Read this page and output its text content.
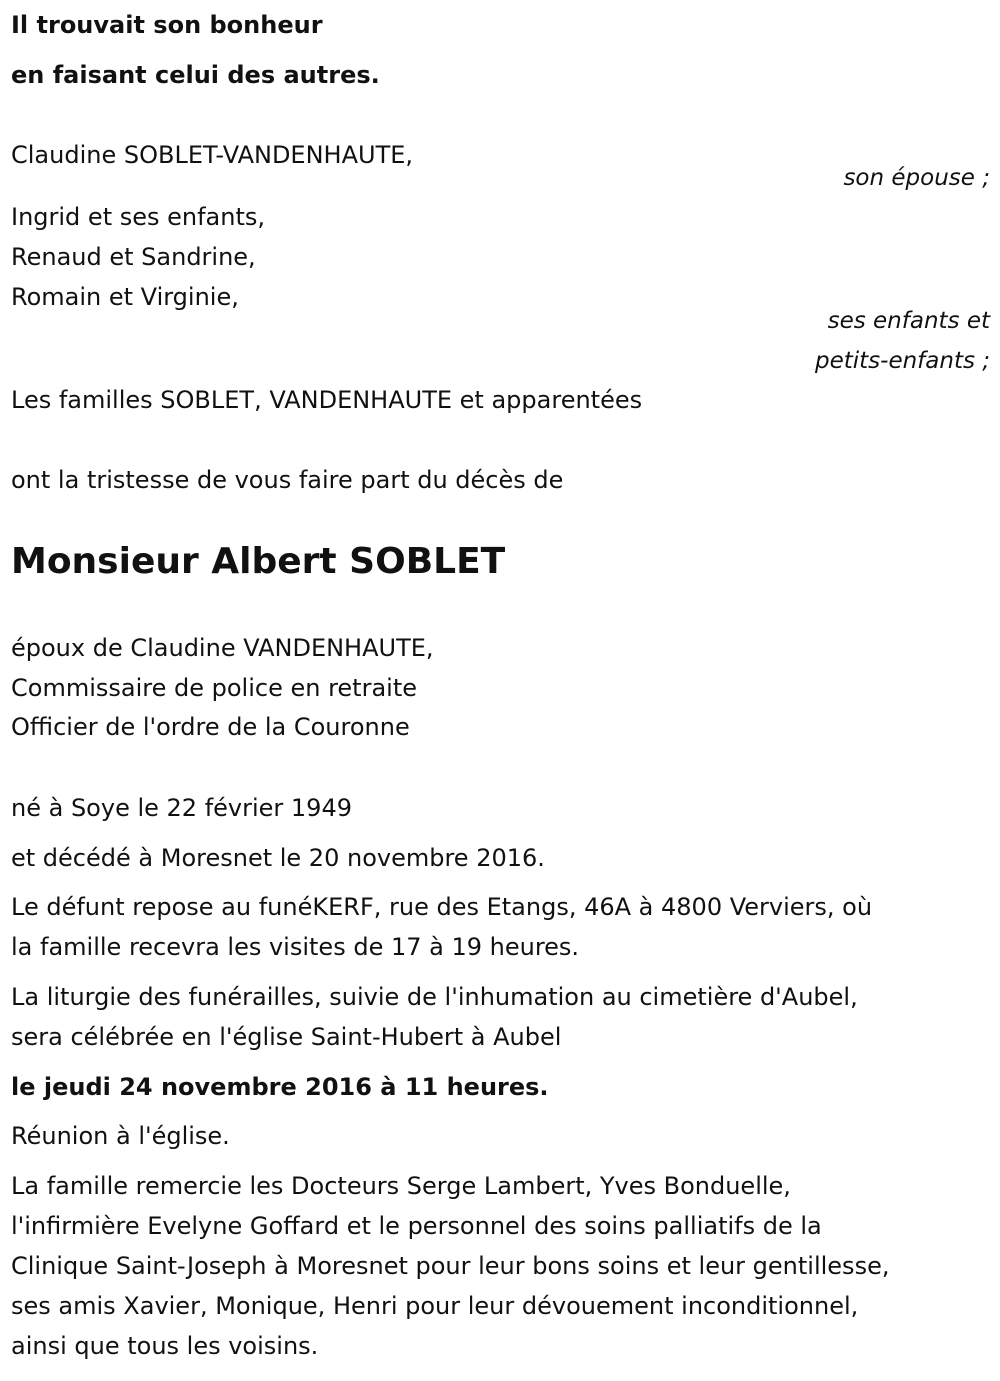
Il trouvait son bonheur
en faisant celui des autres.
Claudine SOBLET-VANDENHAUTE,
son épouse ;
Ingrid et ses enfants,
Renaud et Sandrine,
Romain et Virginie,
ses enfants et
petits-enfants ;
Les familles SOBLET, VANDENHAUTE et apparentées
ont la tristesse de vous faire part du décès de
Monsieur Albert SOBLET
époux de Claudine VANDENHAUTE,
Commissaire de police en retraite
Officier de l'ordre de la Couronne
né à Soye le 22 février 1949
et décédé à Moresnet le 20 novembre 2016.
Le défunt repose au funéKERF, rue des Etangs, 46A à 4800 Verviers, où
la famille recevra les visites de 17 à 19 heures.
La liturgie des funérailles, suivie de l'inhumation au cimetière d'Aubel,
sera célébrée en l'église Saint-Hubert à Aubel
le jeudi 24 novembre 2016 à 11 heures.
Réunion à l'église.
La famille remercie les Docteurs Serge Lambert, Yves Bonduelle,
l'infirmière Evelyne Goffard et le personnel des soins palliatifs de la
Clinique Saint-Joseph à Moresnet pour leur bons soins et leur gentillesse,
ses amis Xavier, Monique, Henri pour leur dévouement inconditionnel,
ainsi que tous les voisins.
